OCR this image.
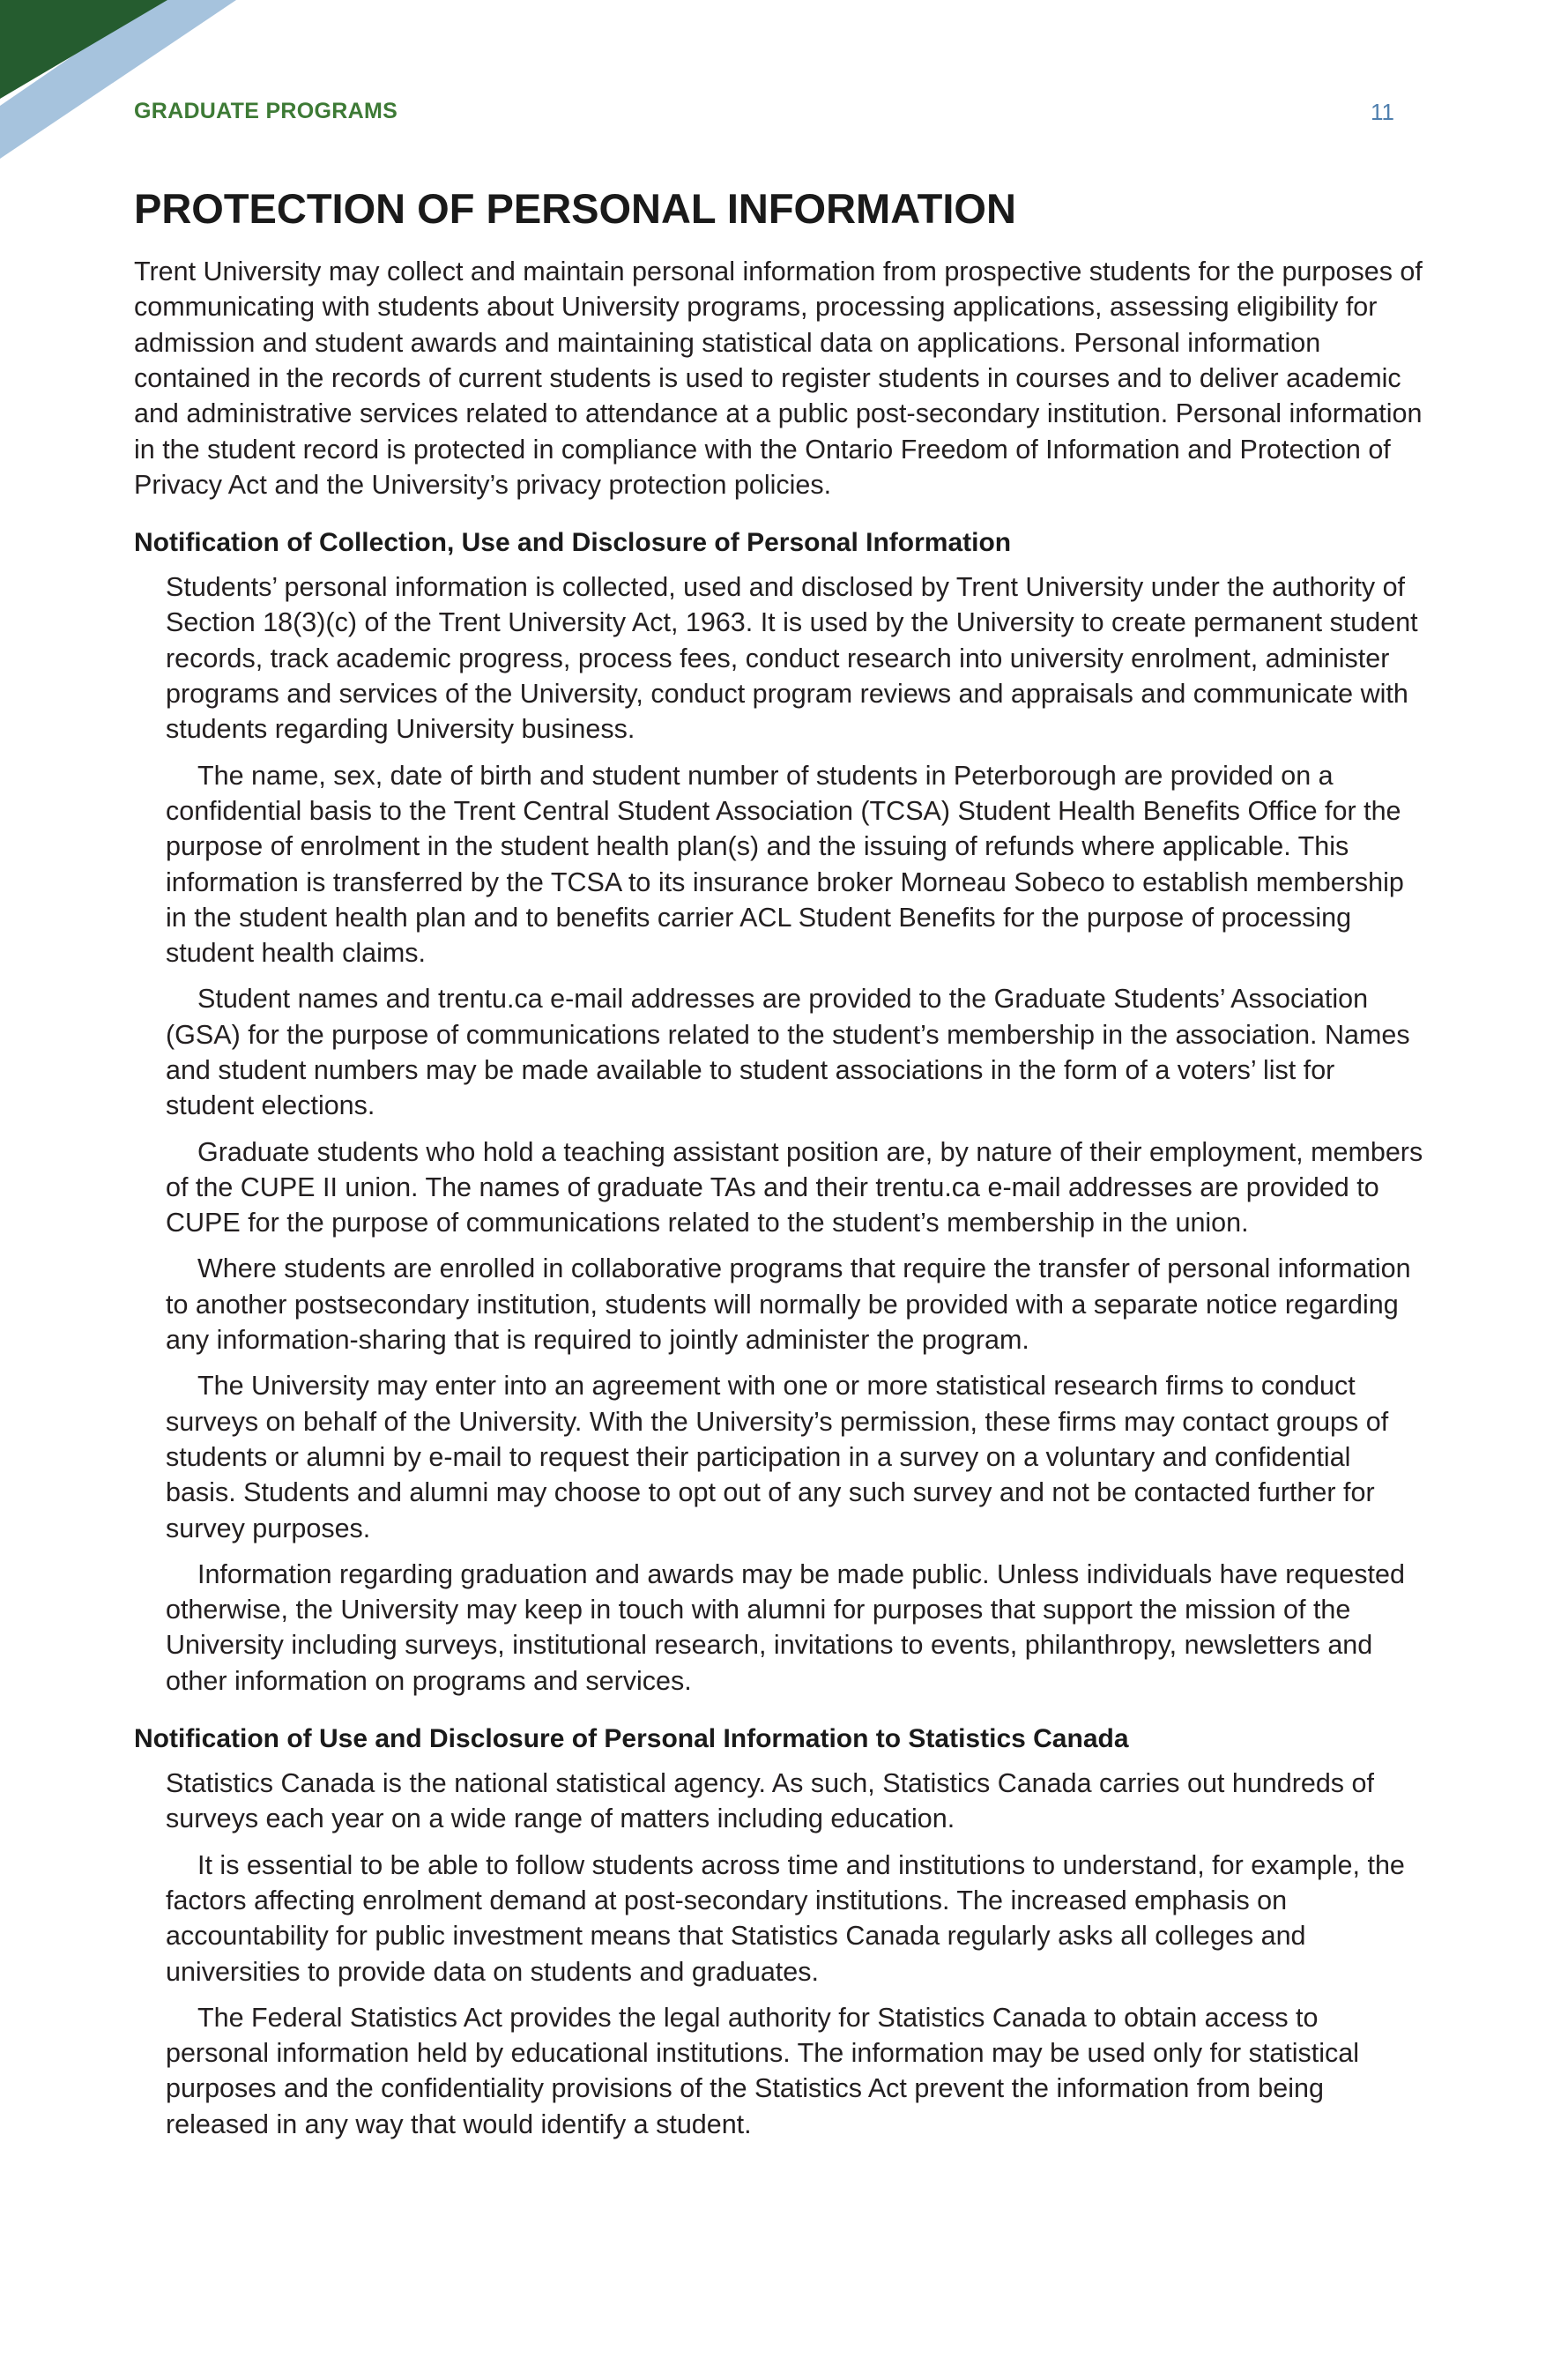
GRADUATE PROGRAMS	11
PROTECTION OF PERSONAL INFORMATION

Trent University may collect and maintain personal information from prospective students for the purposes of communicating with students about University programs, processing applications, assessing eligibility for admission and student awards and maintaining statistical data on applications. Personal information contained in the records of current students is used to register students in courses and to deliver academic and administrative services related to attendance at a public post-secondary institution. Personal information in the student record is protected in compliance with the Ontario Freedom of Information and Protection of Privacy Act and the University’s privacy protection policies.

Notification of Collection, Use and Disclosure of Personal Information

Students’ personal information is collected, used and disclosed by Trent University under the authority of Section 18(3)(c) of the Trent University Act, 1963. It is used by the University to create permanent student records, track academic progress, process fees, conduct research into university enrolment, administer programs and services of the University, conduct program reviews and appraisals and communicate with students regarding University business.

The name, sex, date of birth and student number of students in Peterborough are provided on a confidential basis to the Trent Central Student Association (TCSA) Student Health Benefits Office for the purpose of enrolment in the student health plan(s) and the issuing of refunds where applicable. This information is transferred by the TCSA to its insurance broker Morneau Sobeco to establish membership in the student health plan and to benefits carrier ACL Student Benefits for the purpose of processing student health claims.

Student names and trentu.ca e-mail addresses are provided to the Graduate Students’ Association (GSA) for the purpose of communications related to the student’s membership in the association. Names and student numbers may be made available to student associations in the form of a voters’ list for student elections.

Graduate students who hold a teaching assistant position are, by nature of their employment, members of the CUPE II union. The names of graduate TAs and their trentu.ca e-mail addresses are provided to CUPE for the purpose of communications related to the student’s membership in the union.

Where students are enrolled in collaborative programs that require the transfer of personal information to another postsecondary institution, students will normally be provided with a separate notice regarding any information-sharing that is required to jointly administer the program.

The University may enter into an agreement with one or more statistical research firms to conduct surveys on behalf of the University. With the University’s permission, these firms may contact groups of students or alumni by e-mail to request their participation in a survey on a voluntary and confidential basis. Students and alumni may choose to opt out of any such survey and not be contacted further for survey purposes.

Information regarding graduation and awards may be made public. Unless individuals have requested otherwise, the University may keep in touch with alumni for purposes that support the mission of the University including surveys, institutional research, invitations to events, philanthropy, newsletters and other information on programs and services.

Notification of Use and Disclosure of Personal Information to Statistics Canada

Statistics Canada is the national statistical agency. As such, Statistics Canada carries out hundreds of surveys each year on a wide range of matters including education.

It is essential to be able to follow students across time and institutions to understand, for example, the factors affecting enrolment demand at post-secondary institutions. The increased emphasis on accountability for public investment means that Statistics Canada regularly asks all colleges and universities to provide data on students and graduates.

The Federal Statistics Act provides the legal authority for Statistics Canada to obtain access to personal information held by educational institutions. The information may be used only for statistical purposes and the confidentiality provisions of the Statistics Act prevent the information from being released in any way that would identify a student.
